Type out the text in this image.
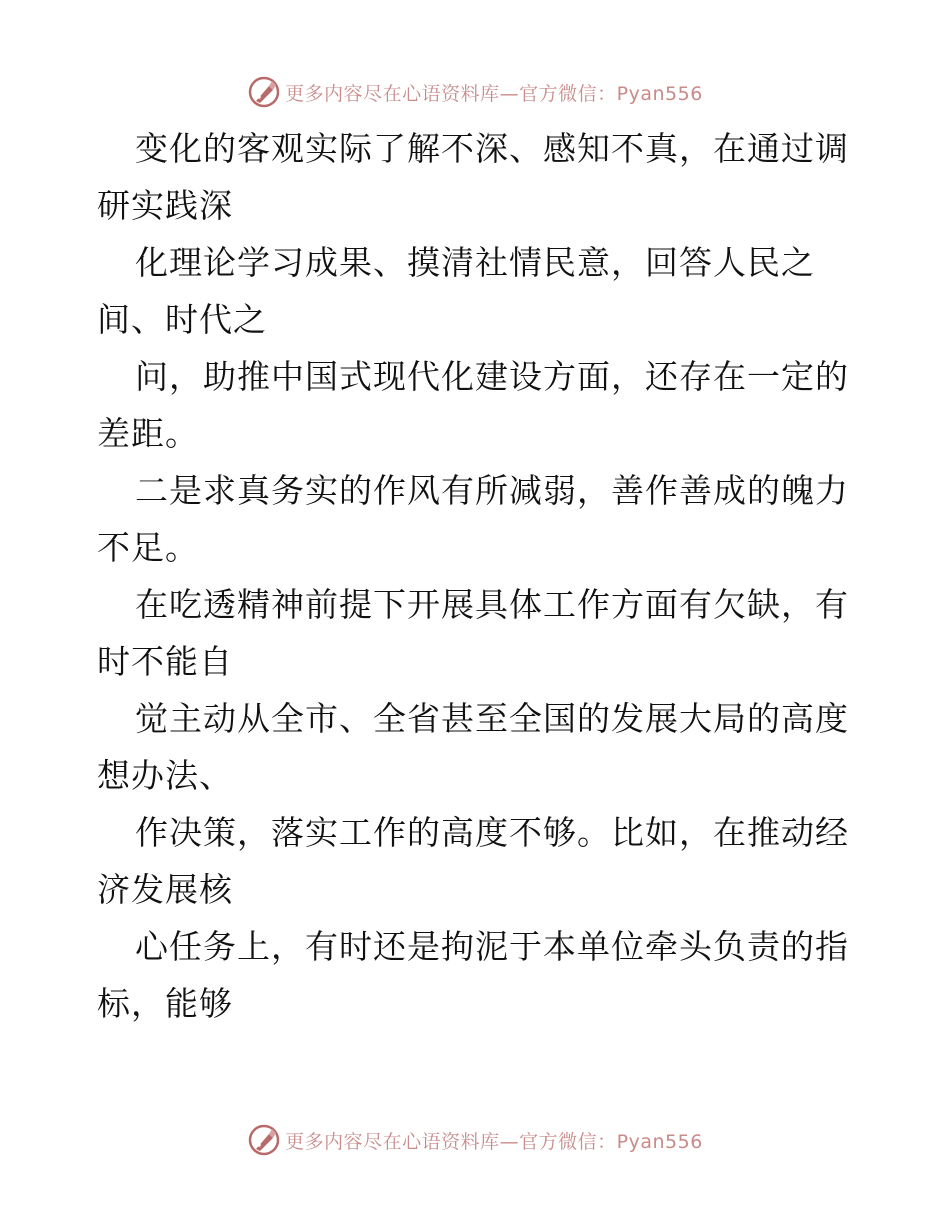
更多内容尽在心语资料库—官方微信：Pyan556

变化的客观实际了解不深、感知不真，在通过调
研实践深

化理论学习成果、摸清社情民意，回答人民之
间、时代之

问，助推中国式现代化建设方面，还存在一定的
差距。

二是求真务实的作风有所减弱，善作善成的魄力
不足。

在吃透精神前提下开展具体工作方面有欠缺，有
时不能自

觉主动从全市、全省甚至全国的发展大局的高度
想办法、

作决策，落实工作的高度不够。比如，在推动经
济发展核

心任务上，有时还是拘泥于本单位牵头负责的指
标，能够

更多内容尽在心语资料库—官方微信：Pyan556
